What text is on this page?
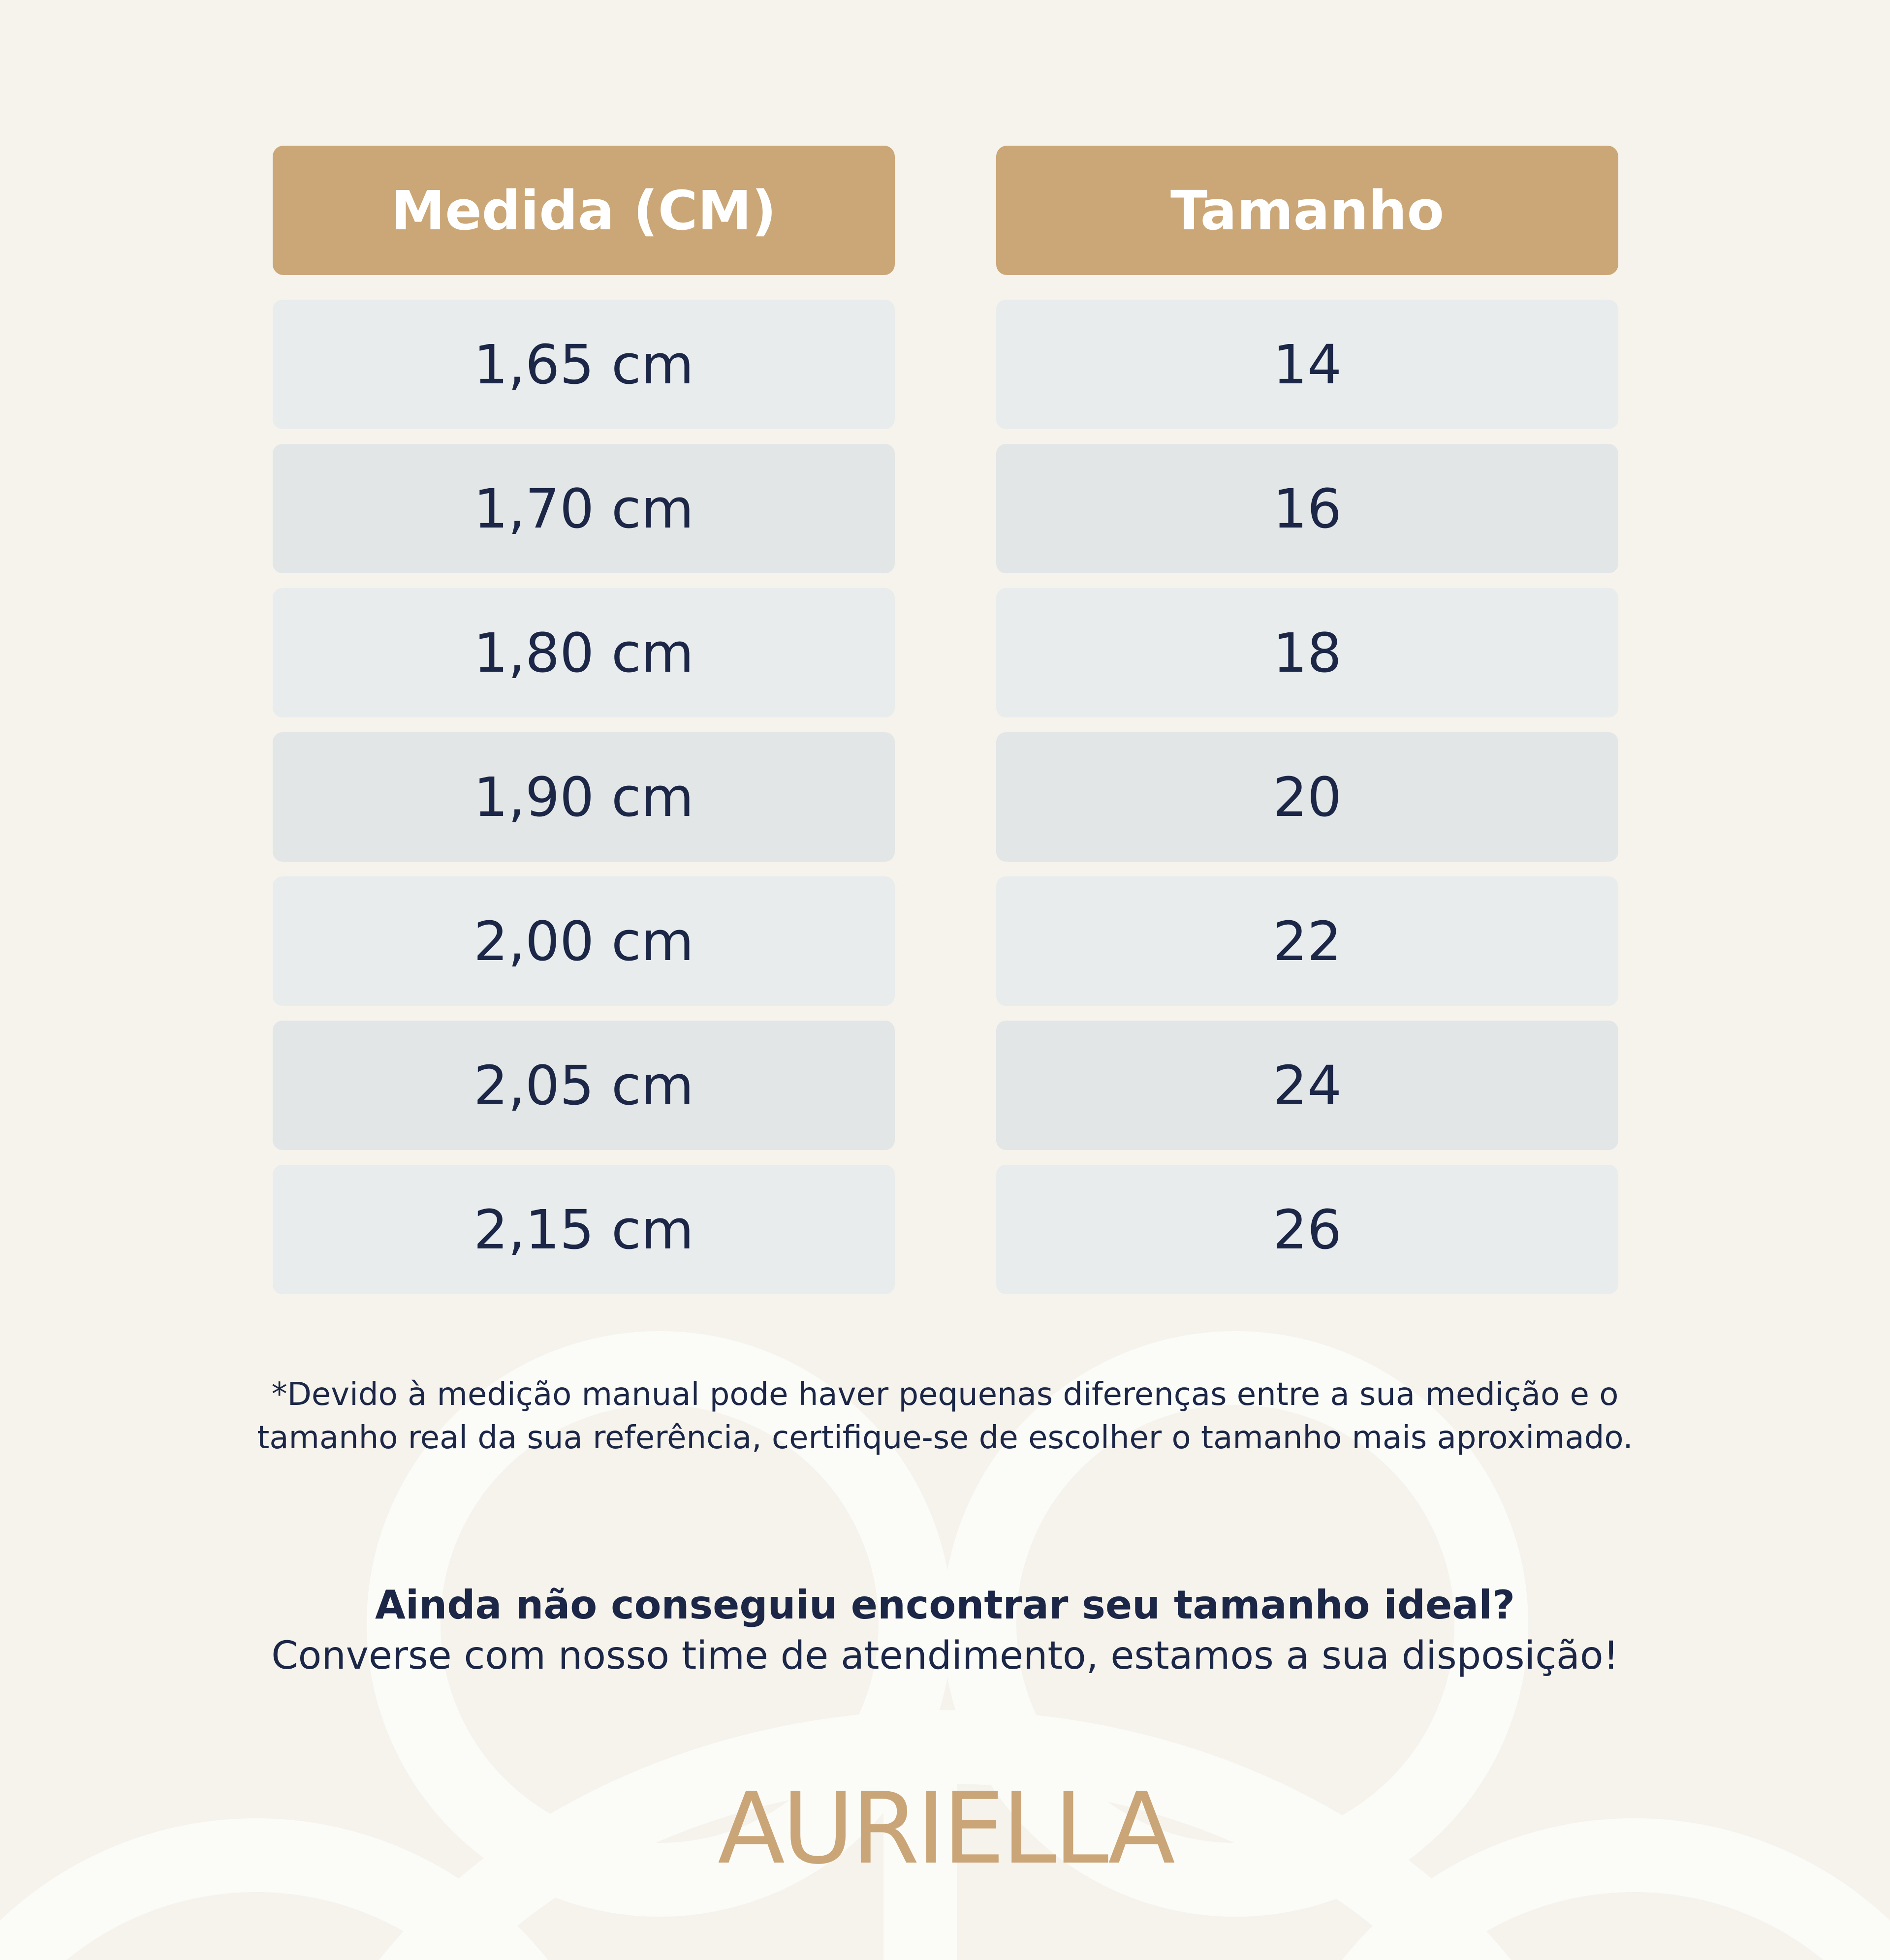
Medida (CM)
1,65 cm
1,70 cm
1,80 cm
1,90 cm
2,00 cm
2,05 cm
2,15 cm
Tamanho
14
16
18
20
22
24
26
*Devido à medição manual pode haver pequenas diferenças entre a sua medição e o
tamanho real da sua referência, certifique-se de escolher o tamanho mais aproximado.
Ainda não conseguiu encontrar seu tamanho ideal?
Converse com nosso time de atendimento, estamos a sua disposição!
AURIELLA
